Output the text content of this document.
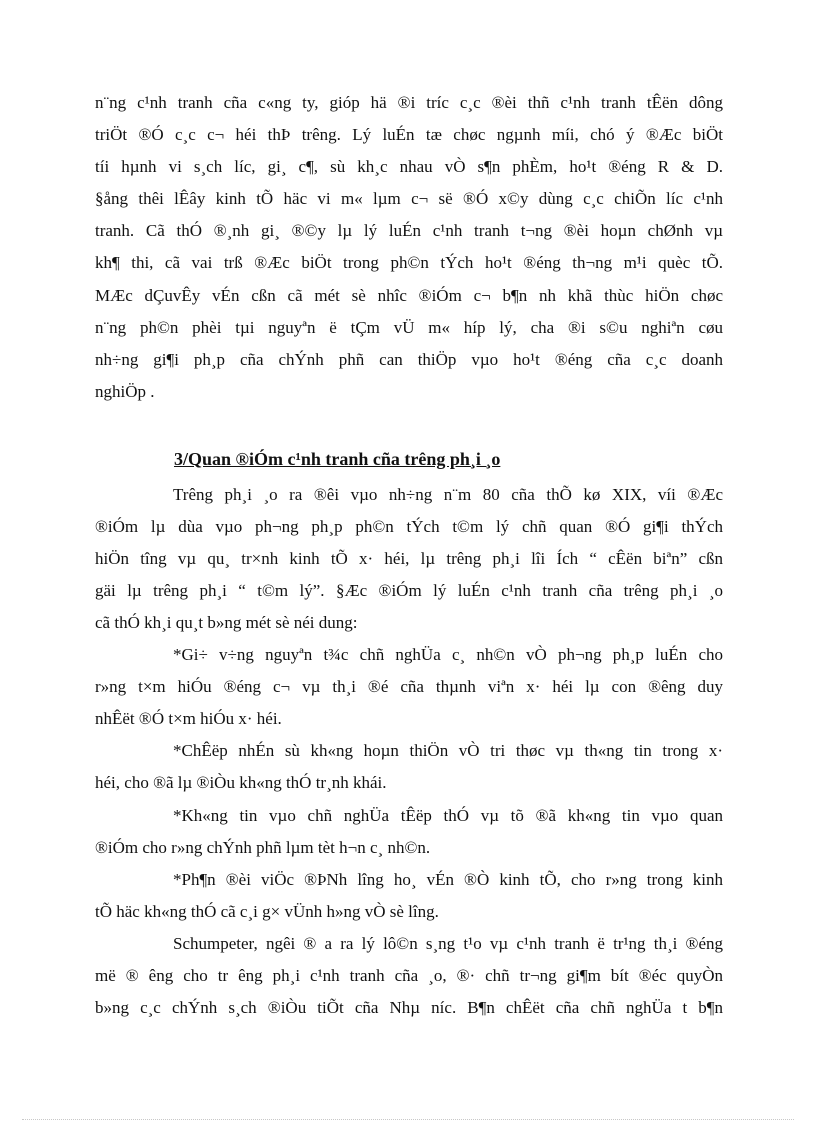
n¨ng c¹nh tranh cña c«ng ty, gióp hä ®i tríc c¸c ®èi thñ c¹nh tranh tÊën dông
triÖt ®Ó c¸c c¬ héi thÞ trêng. Lý luÉn tæ chøc ngµnh míi, chó ý ®Æc biÖt
tíi hµnh vi s¸ch líc, gi¸ c¶, sù kh¸c nhau vÒ s¶n phÈm, ho¹t ®éng R & D.
§ång thêi lÊây kinh tÕ häc vi m« lµm c¬ së ®Ó x©y dùng c¸c chiÕn líc c¹nh
tranh. Cã thÓ ®¸nh gi¸ ®©y lµ lý luÉn c¹nh tranh t¬ng ®èi hoµn chØnh vµ
kh¶ thi, cã vai trß ®Æc biÖt trong ph©n tÝch ho¹t ®éng th¬ng m¹i quèc tÕ.
MÆc dÇuvÊy vÉn cßn cã mét sè nhîc ®iÓm c¬ b¶n nh khã thùc hiÖn chøc
n¨ng ph©n phèi tµi nguyªn ë tÇm vÜ m« híp lý, cha ®i s©u nghiªn cøu
nh÷ng gi¶i ph¸p cña chÝnh phñ can thiÖp vµo ho¹t ®éng cña c¸c doanh
nghiÖp .
3/Quan ®iÓm c¹nh tranh cña trêng ph¸i ¸o
Trêng ph¸i ¸o ra ®êi vµo nh÷ng n¨m 80 cña thÕ kø XIX, víi ®Æc
®iÓm lµ dùa vµo ph¬ng ph¸p ph©n tÝch t©m lý chñ quan ®Ó gi¶i thÝch
hiÖn tîng vµ qu¸ tr×nh kinh tÕ x· héi, lµ trêng ph¸i lîi Ích “ cÊën biªn” cßn
gäi lµ trêng ph¸i “ t©m lý”. §Æc ®iÓm lý luÉn c¹nh tranh cña trêng ph¸i ¸o
cã thÓ kh¸i qu¸t b»ng mét sè néi dung:
*Gi÷ v÷ng nguyªn t¾c chñ nghÜa c¸ nh©n vÒ ph¬ng ph¸p luÉn cho
r»ng t×m hiÓu ®éng c¬ vµ th¸i ®é cña thµnh viªn x· héi lµ con ®êng duy
nhÊët ®Ó t×m hiÓu x· héi.
*ChÊëp nhÉn sù kh«ng hoµn thiÖn vÒ tri thøc vµ th«ng tin trong x·
héi, cho ®ã lµ ®iÒu kh«ng thÓ tr¸nh khái.
*Kh«ng tin vµo chñ nghÜa tÊëp thÓ vµ tõ ®ã kh«ng tin vµo quan
®iÓm cho r»ng chÝnh phñ lµm tèt h¬n c¸ nh©n.
*Ph¶n ®èi viÖc ®ÞNh lîng ho¸ vÉn ®Ò kinh tÕ, cho r»ng trong kinh
tÕ häc kh«ng thÓ cã c¸i g× vÜnh h»ng vÒ sè lîng.
Schumpeter, ngêi ® a ra lý lô©n s¸ng t¹o vµ c¹nh tranh ë tr¹ng th¸i ®éng
më ® êng cho tr êng ph¸i c¹nh tranh cña ¸o, ®· chñ tr¬ng gi¶m bít ®éc quyÒn
b»ng c¸c chÝnh s¸ch ®iÒu tiÕt cña Nhµ níc. B¶n chÊët cña chñ nghÜa t b¶n
